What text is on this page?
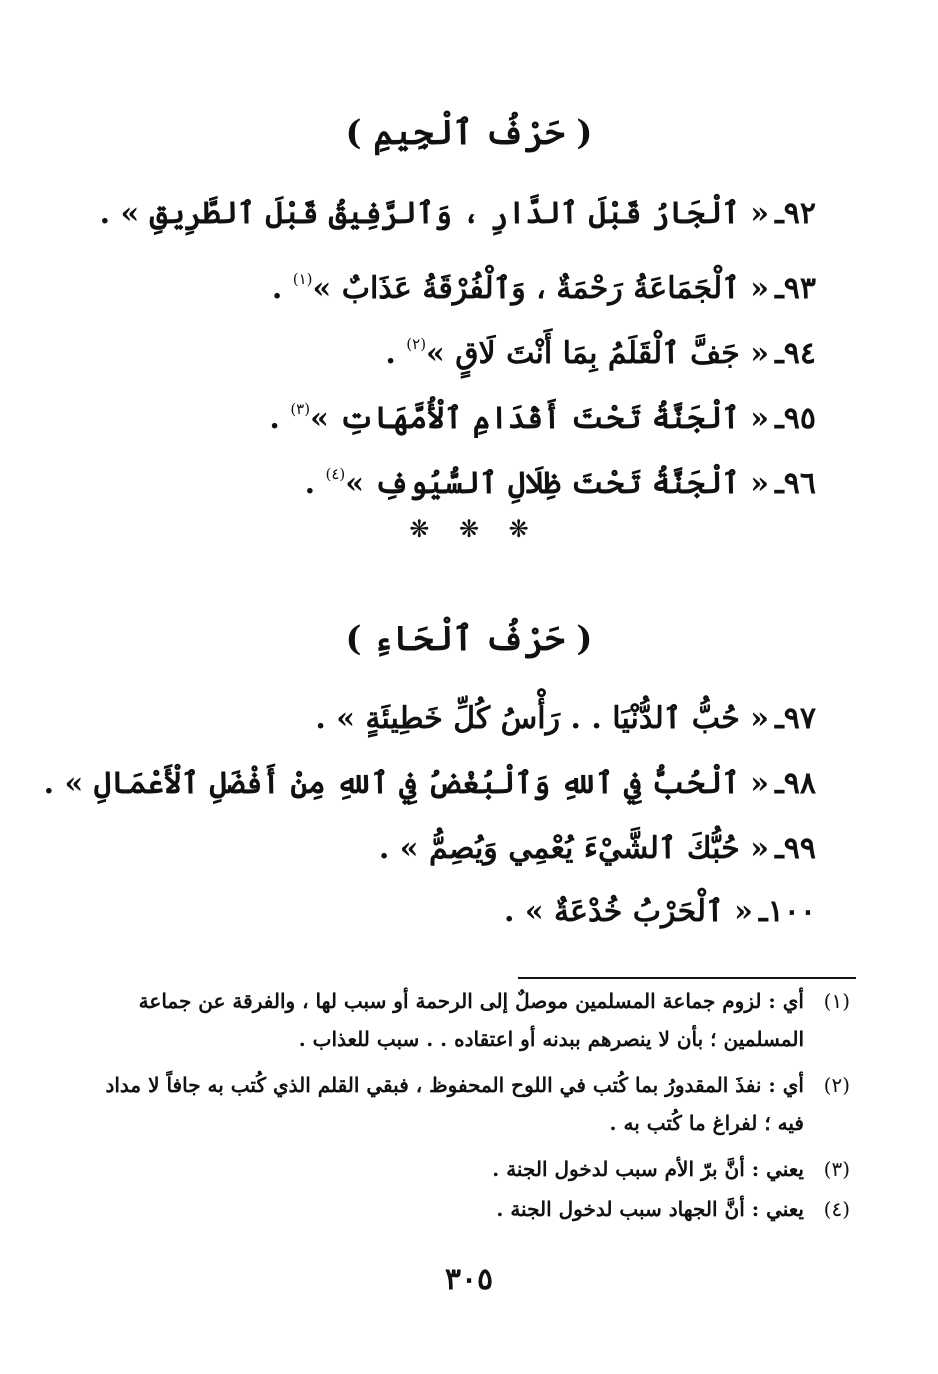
( حَرْفُ ٱلْجِيمِ )
٩٢ـ« ٱلْجَارُ قَبْلَ ٱلدَّارِ ، وَٱلرَّفِيقُ قَبْلَ ٱلطَّرِيقِ » .
٩٣ـ« ٱلْجَمَاعَةُ رَحْمَةٌ ، وَٱلْفُرْقَةُ عَذَابٌ »$^{(١)}$ .
٩٤ـ« جَفَّ ٱلْقَلَمُ بِمَا أَنْتَ لَاقٍ »$^{(٢)}$ .
٩٥ـ« ٱلْجَنَّةُ تَحْتَ أَقْدَامِ ٱلْأُمَّهَاتِ »$^{(٣)}$ .
٩٦ـ« ٱلْجَنَّةُ تَحْتَ ظِلَالِ ٱلسُّيُوفِ »$^{(٤)}$ .
❋ ❋ ❋
( حَرْفُ ٱلْحَاءِ )
٩٧ـ« حُبُّ ٱلدُّنْيَا . . رَأْسُ كُلِّ خَطِيئَةٍ » .
٩٨ـ« ٱلْحُبُّ فِي ٱللهِ وَٱلْبُغْضُ فِي ٱللهِ مِنْ أَفْضَلِ ٱلْأَعْمَالِ » .
٩٩ـ« حُبُّكَ ٱلشَّيْءَ يُعْمِي وَيُصِمُّ » .
١٠٠ـ« ٱلْحَرْبُ خُدْعَةٌ » .
(١)
أي : لزوم جماعة المسلمين موصلٌ إلى الرحمة أو سبب لها ، والفرقة عن جماعة المسلمين ؛ بأن لا ينصرهم ببدنه أو اعتقاده . . سبب للعذاب .
(٢)
أي : نفذَ المقدورُ بما كُتب في اللوح المحفوظ ، فبقي القلم الذي كُتب به جافاً لا مداد فيه ؛ لفراغ ما كُتب به .
(٣)
يعني : أنَّ برّ الأم سبب لدخول الجنة .
(٤)
يعني : أنَّ الجهاد سبب لدخول الجنة .
٣٠٥
